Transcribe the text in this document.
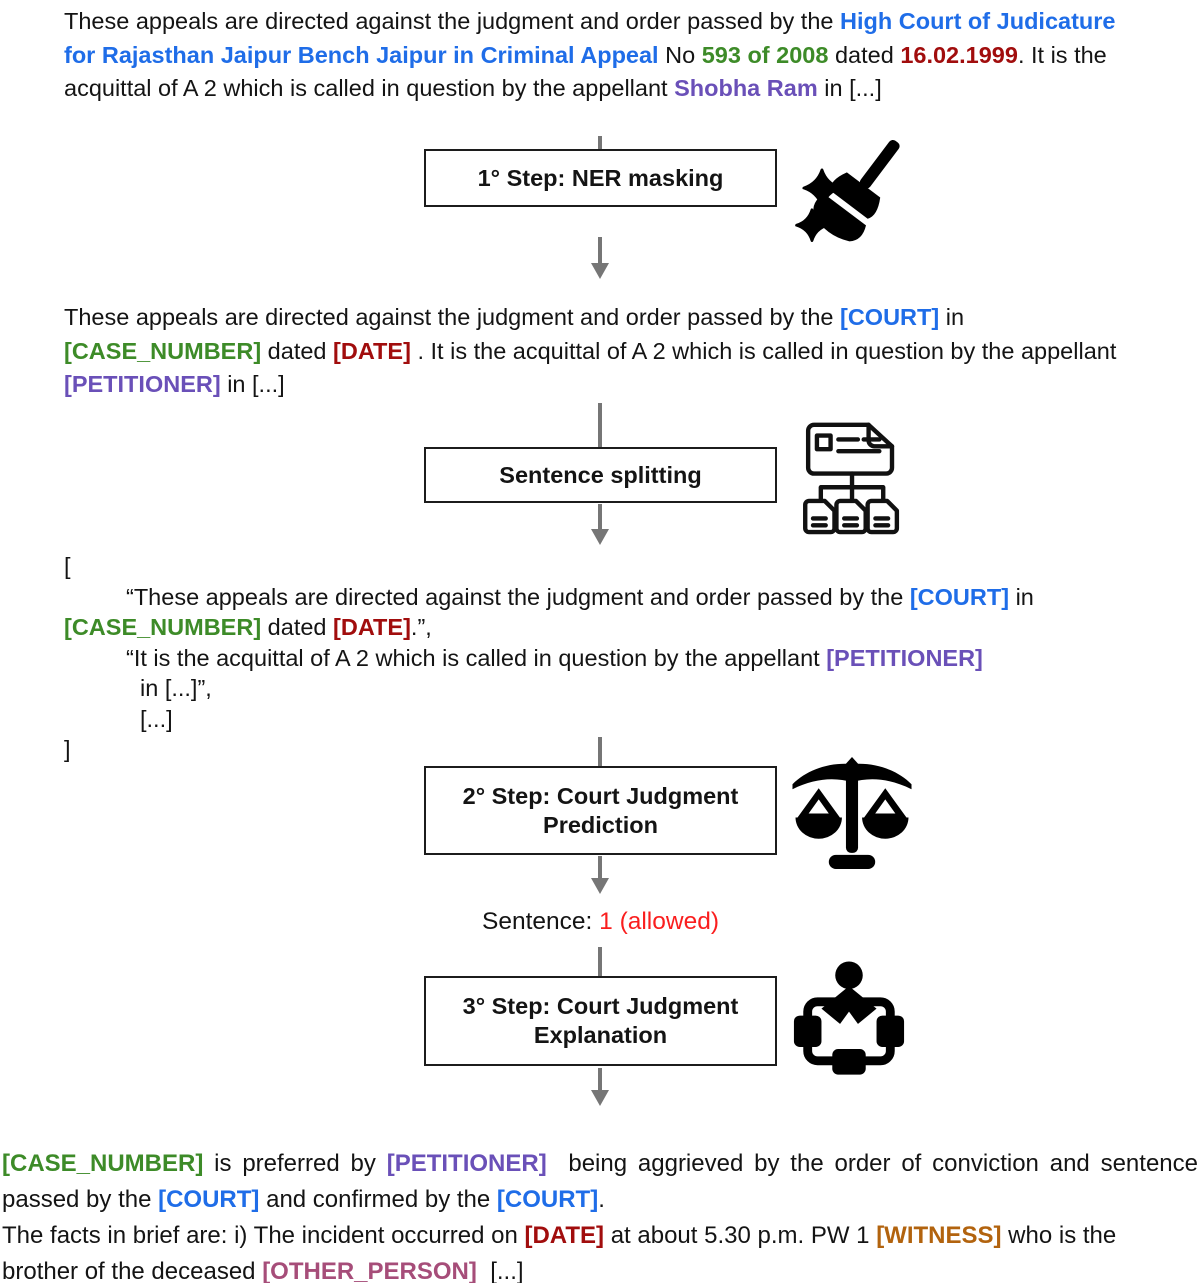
These appeals are directed against the judgment and order passed by the High Court of Judicature for Rajasthan Jaipur Bench Jaipur in Criminal Appeal No 593 of 2008 dated 16.02.1999. It is the acquittal of A 2 which is called in question by the appellant Shobha Ram in [...]
1° Step: NER masking
These appeals are directed against the judgment and order passed by the [COURT] in [CASE_NUMBER] dated [DATE] . It is the acquittal of A 2 which is called in question by the appellant [PETITIONER] in [...]
Sentence splitting
[
“These appeals are directed against the judgment and order passed by the [COURT] in
[CASE_NUMBER] dated [DATE].”,
“It is the acquittal of A 2 which is called in question by the appellant [PETITIONER]
in [...]”,
[...]
]
2° Step: Court Judgment Prediction
Sentence: 1 (allowed)
3° Step: Court Judgment Explanation
[CASE_NUMBER] is preferred by [PETITIONER]  being aggrieved by the order of conviction and sentence passed by the [COURT] and confirmed by the [COURT].
The facts in brief are: i) The incident occurred on [DATE] at about 5.30 p.m. PW 1 [WITNESS] who is the brother of the deceased [OTHER_PERSON]  [...]
